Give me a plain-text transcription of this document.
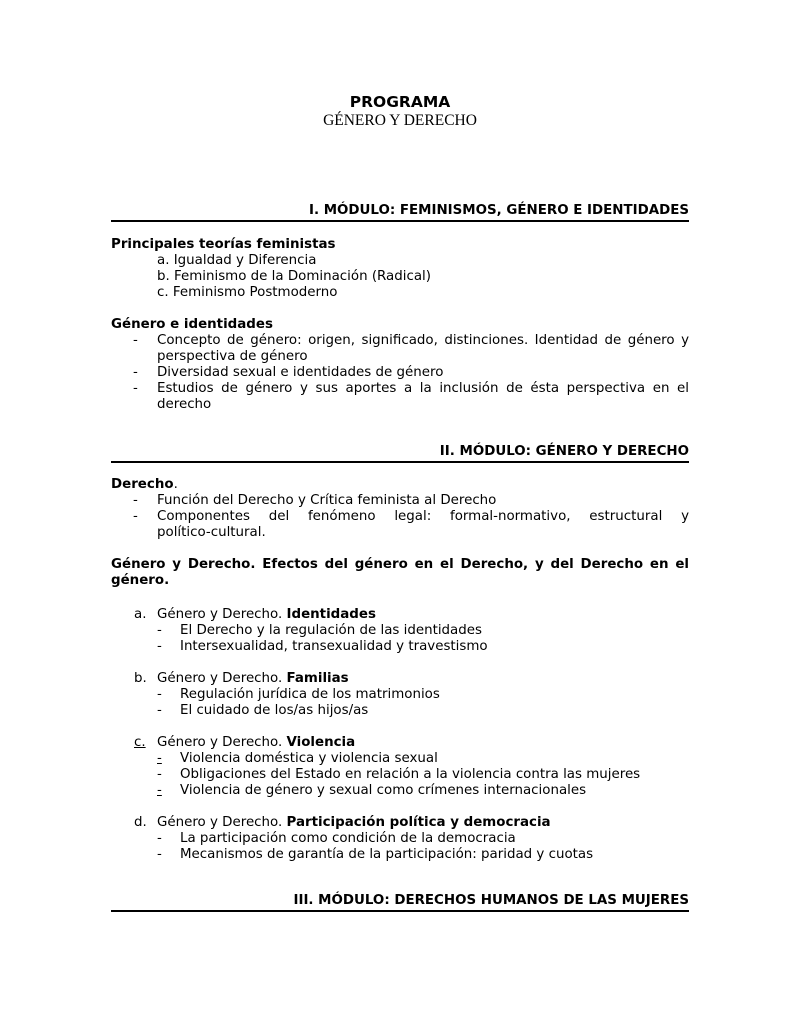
PROGRAMA
GÉNERO Y DERECHO
I. MÓDULO: FEMINISMOS, GÉNERO E IDENTIDADES
Principales teorías feministas
a. Igualdad y Diferencia
b. Feminismo de la Dominación (Radical)
c. Feminismo Postmoderno
Género e identidades
- Concepto de género: origen, significado, distinciones. Identidad de género y
perspectiva de género
- Diversidad sexual e identidades de género
- Estudios de género y sus aportes a la inclusión de ésta perspectiva en el
derecho
II. MÓDULO: GÉNERO Y DERECHO
Derecho.
- Función del Derecho y Crítica feminista al Derecho
- Componentes del fenómeno legal: formal-normativo, estructural y
político-cultural.
Género y Derecho. Efectos del género en el Derecho, y del Derecho en el
género.
a. Género y Derecho. Identidades
- El Derecho y la regulación de las identidades
- Intersexualidad, transexualidad y travestismo
b. Género y Derecho. Familias
- Regulación jurídica de los matrimonios
- El cuidado de los/as hijos/as
c. Género y Derecho. Violencia
-	Violencia doméstica y violencia sexual
- Obligaciones del Estado en relación a la violencia contra las mujeres
-	Violencia de género y sexual como crímenes internacionales
d. Género y Derecho. Participación política y democracia
- La participación como condición de la democracia
- Mecanismos de garantía de la participación: paridad y cuotas
III. MÓDULO: DERECHOS HUMANOS DE LAS MUJERES
